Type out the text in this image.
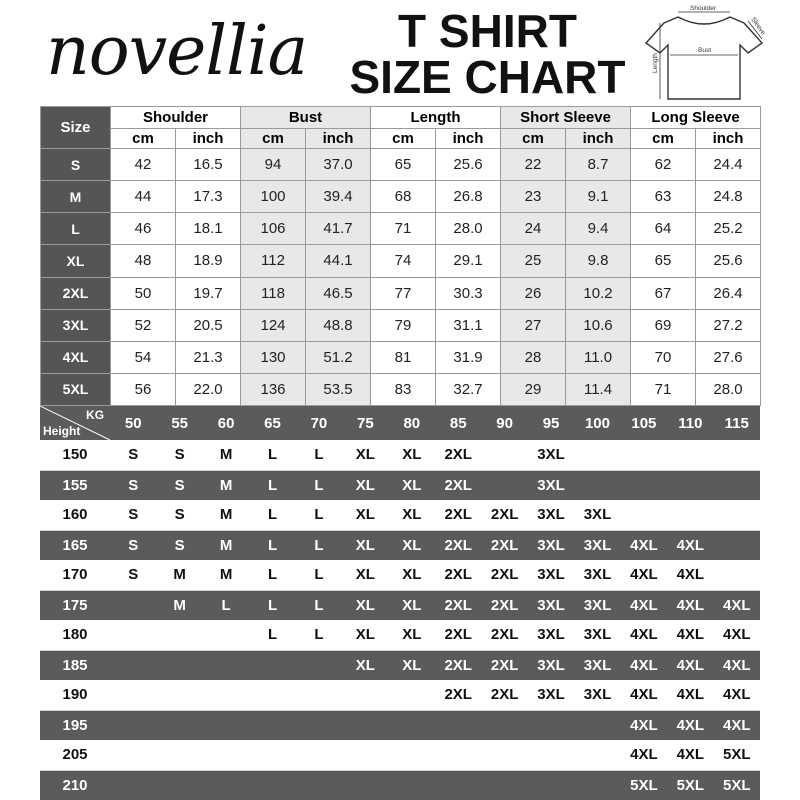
novellia	T SHIRT
SIZE CHART
Shoulder
Bust
Length
Sleeve
Size	Shoulder		Bust		Length		Short Sleeve		Long Sleeve	
	cm	inch	cm	inch	cm	inch	cm	inch	cm	inch
S	42	16.5	94	37.0	65	25.6	22	8.7	62	24.4
M	44	17.3	100	39.4	68	26.8	23	9.1	63	24.8
L	46	18.1	106	41.7	71	28.0	24	9.4	64	25.2
XL	48	18.9	112	44.1	74	29.1	25	9.8	65	25.6
2XL	50	19.7	118	46.5	77	30.3	26	10.2	67	26.4
3XL	52	20.5	124	48.8	79	31.1	27	10.6	69	27.2
4XL	54	21.3	130	51.2	81	31.9	28	11.0	70	27.6
5XL	56	22.0	136	53.5	83	32.7	29	11.4	71	28.0
KG
Height	50	55	60	65	70	75	80	85	90	95	100	105	110	115
150	S	S	M	L	L	XL	XL	2XL		3XL				
155	S	S	M	L	L	XL	XL	2XL		3XL				
160	S	S	M	L	L	XL	XL	2XL	2XL	3XL	3XL			
165	S	S	M	L	L	XL	XL	2XL	2XL	3XL	3XL	4XL	4XL	
170	S	M	M	L	L	XL	XL	2XL	2XL	3XL	3XL	4XL	4XL	
175		M	L	L	L	XL	XL	2XL	2XL	3XL	3XL	4XL	4XL	4XL
180				L	L	XL	XL	2XL	2XL	3XL	3XL	4XL	4XL	4XL
185						XL	XL	2XL	2XL	3XL	3XL	4XL	4XL	4XL
190								2XL	2XL	3XL	3XL	4XL	4XL	4XL
195												4XL	4XL	4XL
205												4XL	4XL	5XL
210												5XL	5XL	5XL
